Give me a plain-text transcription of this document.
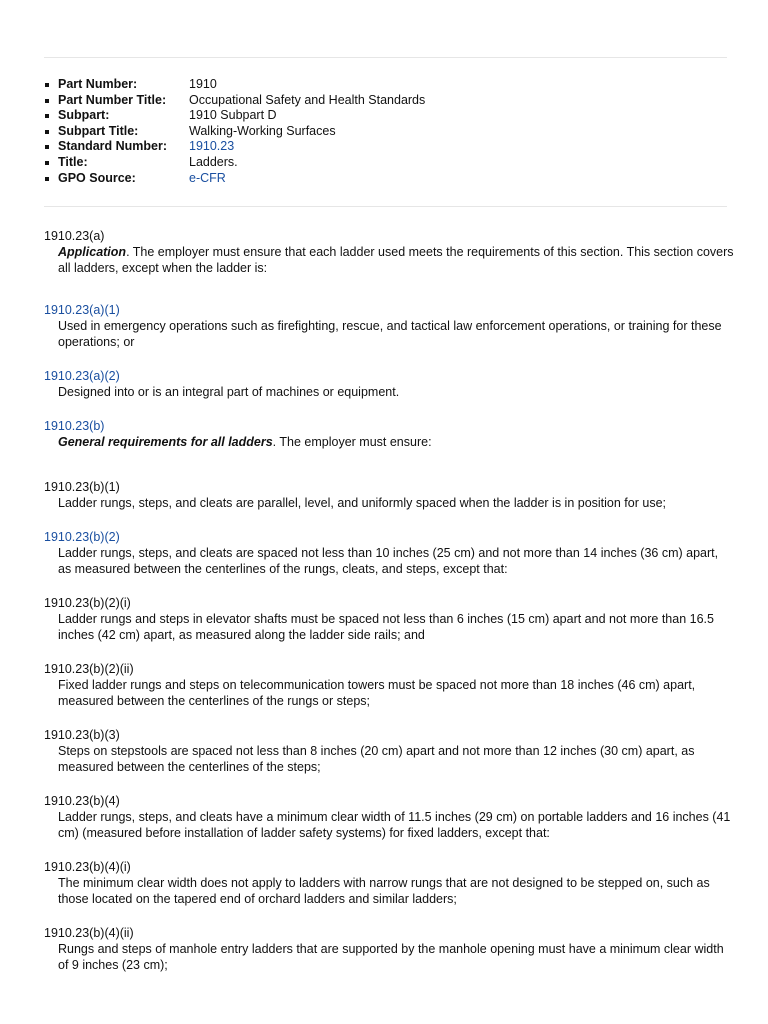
Part Number:	1910
Part Number Title: Occupational Safety and Health Standards
Subpart:	1910 Subpart D
Subpart Title:	Walking-Working Surfaces
Standard Number: 1910.23
Title:	Ladders.
GPO Source:	e-CFR
1910.23(a)
Application. The employer must ensure that each ladder used meets the requirements of this section. This section covers all ladders, except when the ladder is:
1910.23(a)(1)
Used in emergency operations such as firefighting, rescue, and tactical law enforcement operations, or training for these operations; or
1910.23(a)(2)
Designed into or is an integral part of machines or equipment.
1910.23(b)
General requirements for all ladders. The employer must ensure:
1910.23(b)(1)
Ladder rungs, steps, and cleats are parallel, level, and uniformly spaced when the ladder is in position for use;
1910.23(b)(2)
Ladder rungs, steps, and cleats are spaced not less than 10 inches (25 cm) and not more than 14 inches (36 cm) apart, as measured between the centerlines of the rungs, cleats, and steps, except that:
1910.23(b)(2)(i)
Ladder rungs and steps in elevator shafts must be spaced not less than 6 inches (15 cm) apart and not more than 16.5 inches (42 cm) apart, as measured along the ladder side rails; and
1910.23(b)(2)(ii)
Fixed ladder rungs and steps on telecommunication towers must be spaced not more than 18 inches (46 cm) apart, measured between the centerlines of the rungs or steps;
1910.23(b)(3)
Steps on stepstools are spaced not less than 8 inches (20 cm) apart and not more than 12 inches (30 cm) apart, as measured between the centerlines of the steps;
1910.23(b)(4)
Ladder rungs, steps, and cleats have a minimum clear width of 11.5 inches (29 cm) on portable ladders and 16 inches (41 cm) (measured before installation of ladder safety systems) for fixed ladders, except that:
1910.23(b)(4)(i)
The minimum clear width does not apply to ladders with narrow rungs that are not designed to be stepped on, such as those located on the tapered end of orchard ladders and similar ladders;
1910.23(b)(4)(ii)
Rungs and steps of manhole entry ladders that are supported by the manhole opening must have a minimum clear width of 9 inches (23 cm);
